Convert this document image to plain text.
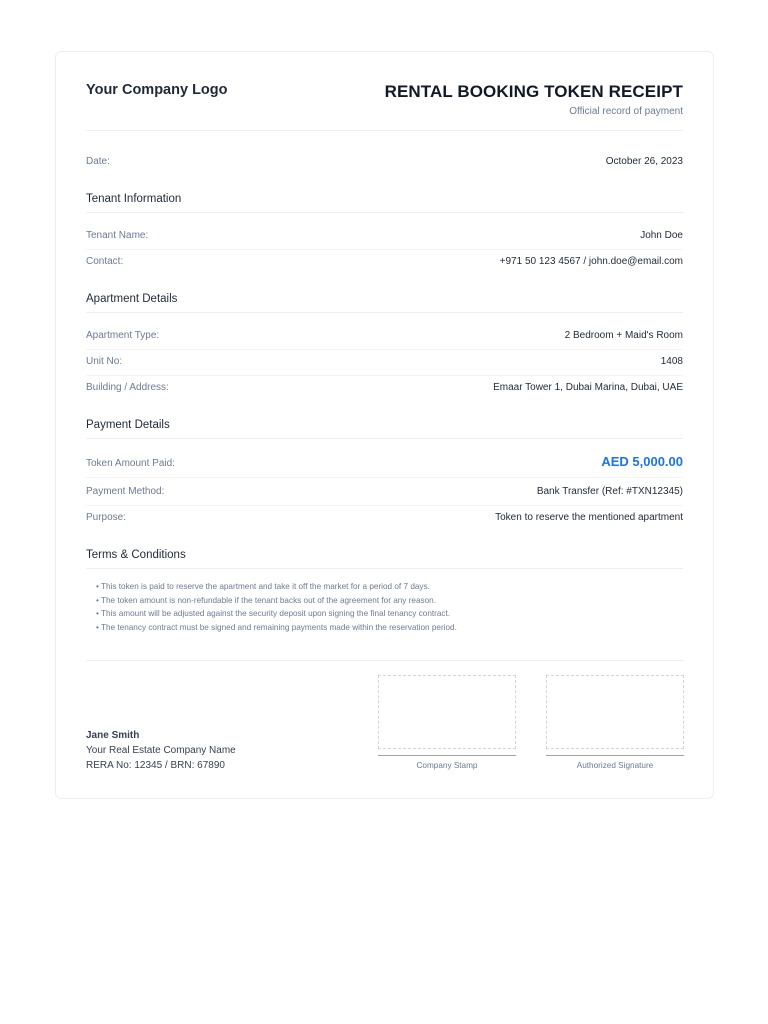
Your Company Logo	RENTAL BOOKING TOKEN RECEIPT
Official record of payment
Date:	October 26, 2023
Tenant Information
Tenant Name:	John Doe
Contact:	+971 50 123 4567 / john.doe@email.com
Apartment Details
Apartment Type:	2 Bedroom + Maid's Room
Unit No:	1408
Building / Address:	Emaar Tower 1, Dubai Marina, Dubai, UAE
Payment Details
Token Amount Paid:	AED 5,000.00
Payment Method:	Bank Transfer (Ref: #TXN12345)
Purpose:	Token to reserve the mentioned apartment
Terms & Conditions
• This token is paid to reserve the apartment and take it off the market for a period of 7 days.
• The token amount is non-refundable if the tenant backs out of the agreement for any reason.
• This amount will be adjusted against the security deposit upon signing the final tenancy contract.
• The tenancy contract must be signed and remaining payments made within the reservation period.
Jane Smith
Your Real Estate Company Name
RERA No: 12345 / BRN: 67890	Company Stamp	Authorized Signature
